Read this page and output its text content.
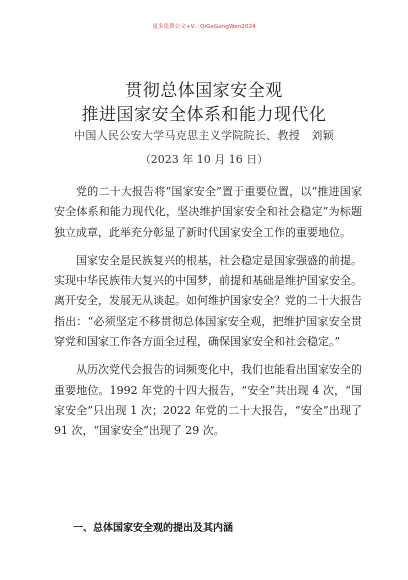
更多免费公文+V：QiGeGongWen2024
贯彻总体国家安全观
推进国家安全体系和能力现代化
中国人民公安大学马克思主义学院院长、教授　刘颖
（2023 年 10 月 16 日）

党的二十大报告将“国家安全”置于重要位置，以“推进国家安全体系和能力现代化，坚决维护国家安全和社会稳定”为标题独立成章，此举充分彰显了新时代国家安全工作的重要地位。

国家安全是民族复兴的根基，社会稳定是国家强盛的前提。实现中华民族伟大复兴的中国梦，前提和基础是维护国家安全。离开安全，发展无从谈起。如何维护国家安全？党的二十大报告指出：“必须坚定不移贯彻总体国家安全观，把维护国家安全贯穿党和国家工作各方面全过程，确保国家安全和社会稳定。”

从历次党代会报告的词频变化中，我们也能看出国家安全的重要地位。1992 年党的十四大报告，“安全”共出现 4 次，“国家安全”只出现 1 次；2022 年党的二十大报告，“安全”出现了 91 次，“国家安全”出现了 29 次。

一、总体国家安全观的提出及其内涵
